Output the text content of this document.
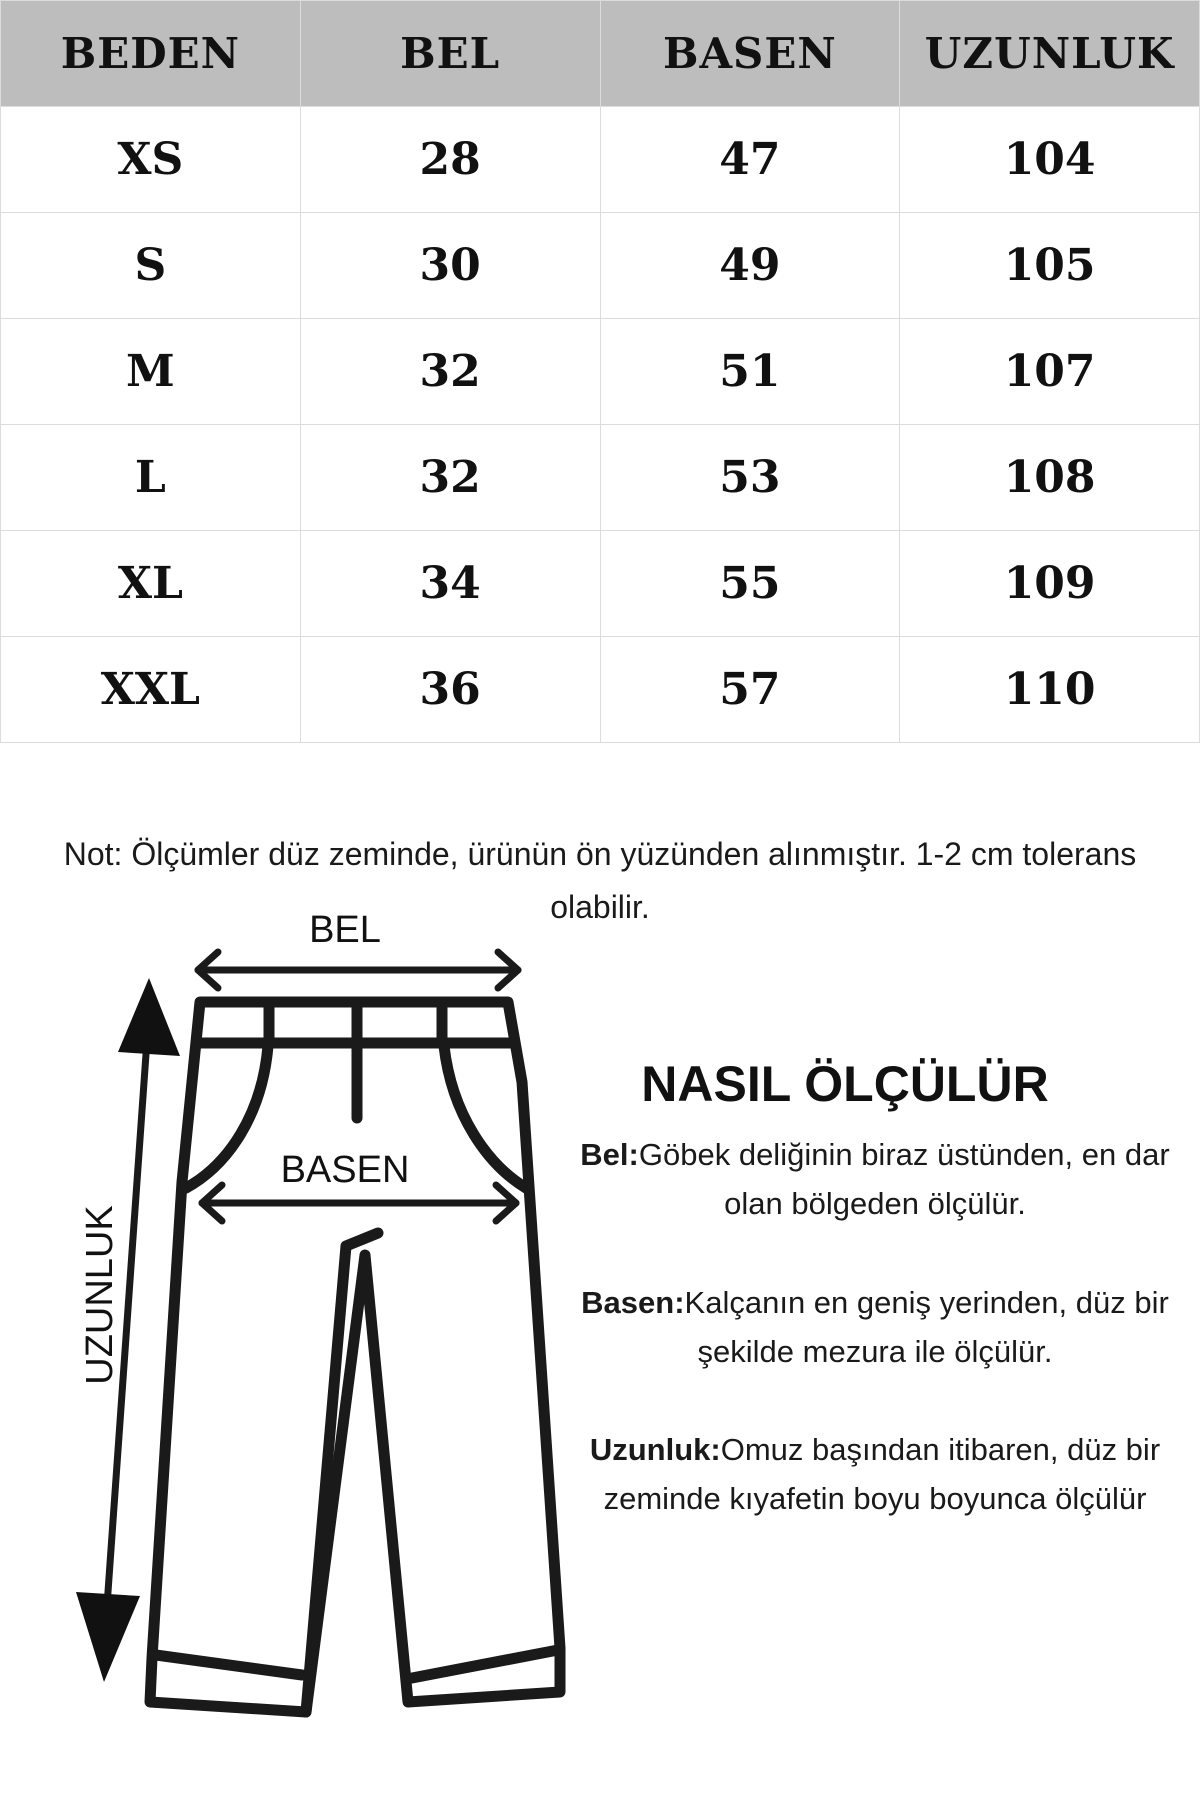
BEDEN	BEL	BASEN	UZUNLUK
XS	28	47	104
S	30	49	105
M	32	51	107
L	32	53	108
XL	34	55	109
XXL	36	57	110
Not: Ölçümler düz zeminde, ürünün ön yüzünden alınmıştır. 1-2 cm tolerans olabilir.
BEL
BASEN
UZUNLUK
NASIL ÖLÇÜLÜR
Bel:Göbek deliğinin biraz üstünden, en dar olan bölgeden ölçülür.
Basen:Kalçanın en geniş yerinden, düz bir şekilde mezura ile ölçülür.
Uzunluk:Omuz başından itibaren, düz bir zeminde kıyafetin boyu boyunca ölçülür
